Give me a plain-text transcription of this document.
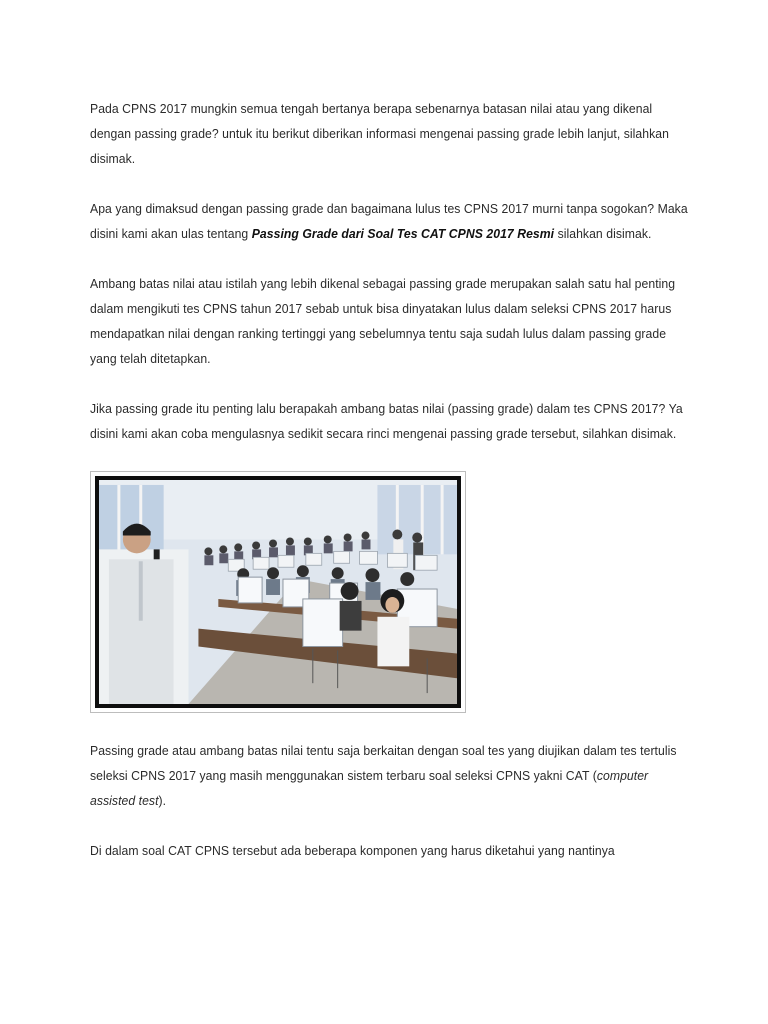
Pada CPNS 2017 mungkin semua tengah bertanya berapa sebenarnya batasan nilai atau yang dikenal dengan passing grade? untuk itu berikut diberikan informasi mengenai passing grade lebih lanjut, silahkan disimak.

Apa yang dimaksud dengan passing grade dan bagaimana lulus tes CPNS 2017 murni tanpa sogokan? Maka disini kami akan ulas tentang Passing Grade dari Soal Tes CAT CPNS 2017 Resmi silahkan disimak.

Ambang batas nilai atau istilah yang lebih dikenal sebagai passing grade merupakan salah satu hal penting dalam mengikuti tes CPNS tahun 2017 sebab untuk bisa dinyatakan lulus dalam seleksi CPNS 2017 harus mendapatkan nilai dengan ranking tertinggi yang sebelumnya tentu saja sudah lulus dalam passing grade yang telah ditetapkan.

Jika passing grade itu penting lalu berapakah ambang batas nilai (passing grade) dalam tes CPNS 2017? Ya disini kami akan coba mengulasnya sedikit secara rinci mengenai passing grade tersebut, silahkan disimak.

Passing grade atau ambang batas nilai tentu saja berkaitan dengan soal tes yang diujikan dalam tes tertulis seleksi CPNS 2017 yang masih menggunakan sistem terbaru soal seleksi CPNS yakni CAT (computer assisted test).

Di dalam soal CAT CPNS tersebut ada beberapa komponen yang harus diketahui yang nantinya
